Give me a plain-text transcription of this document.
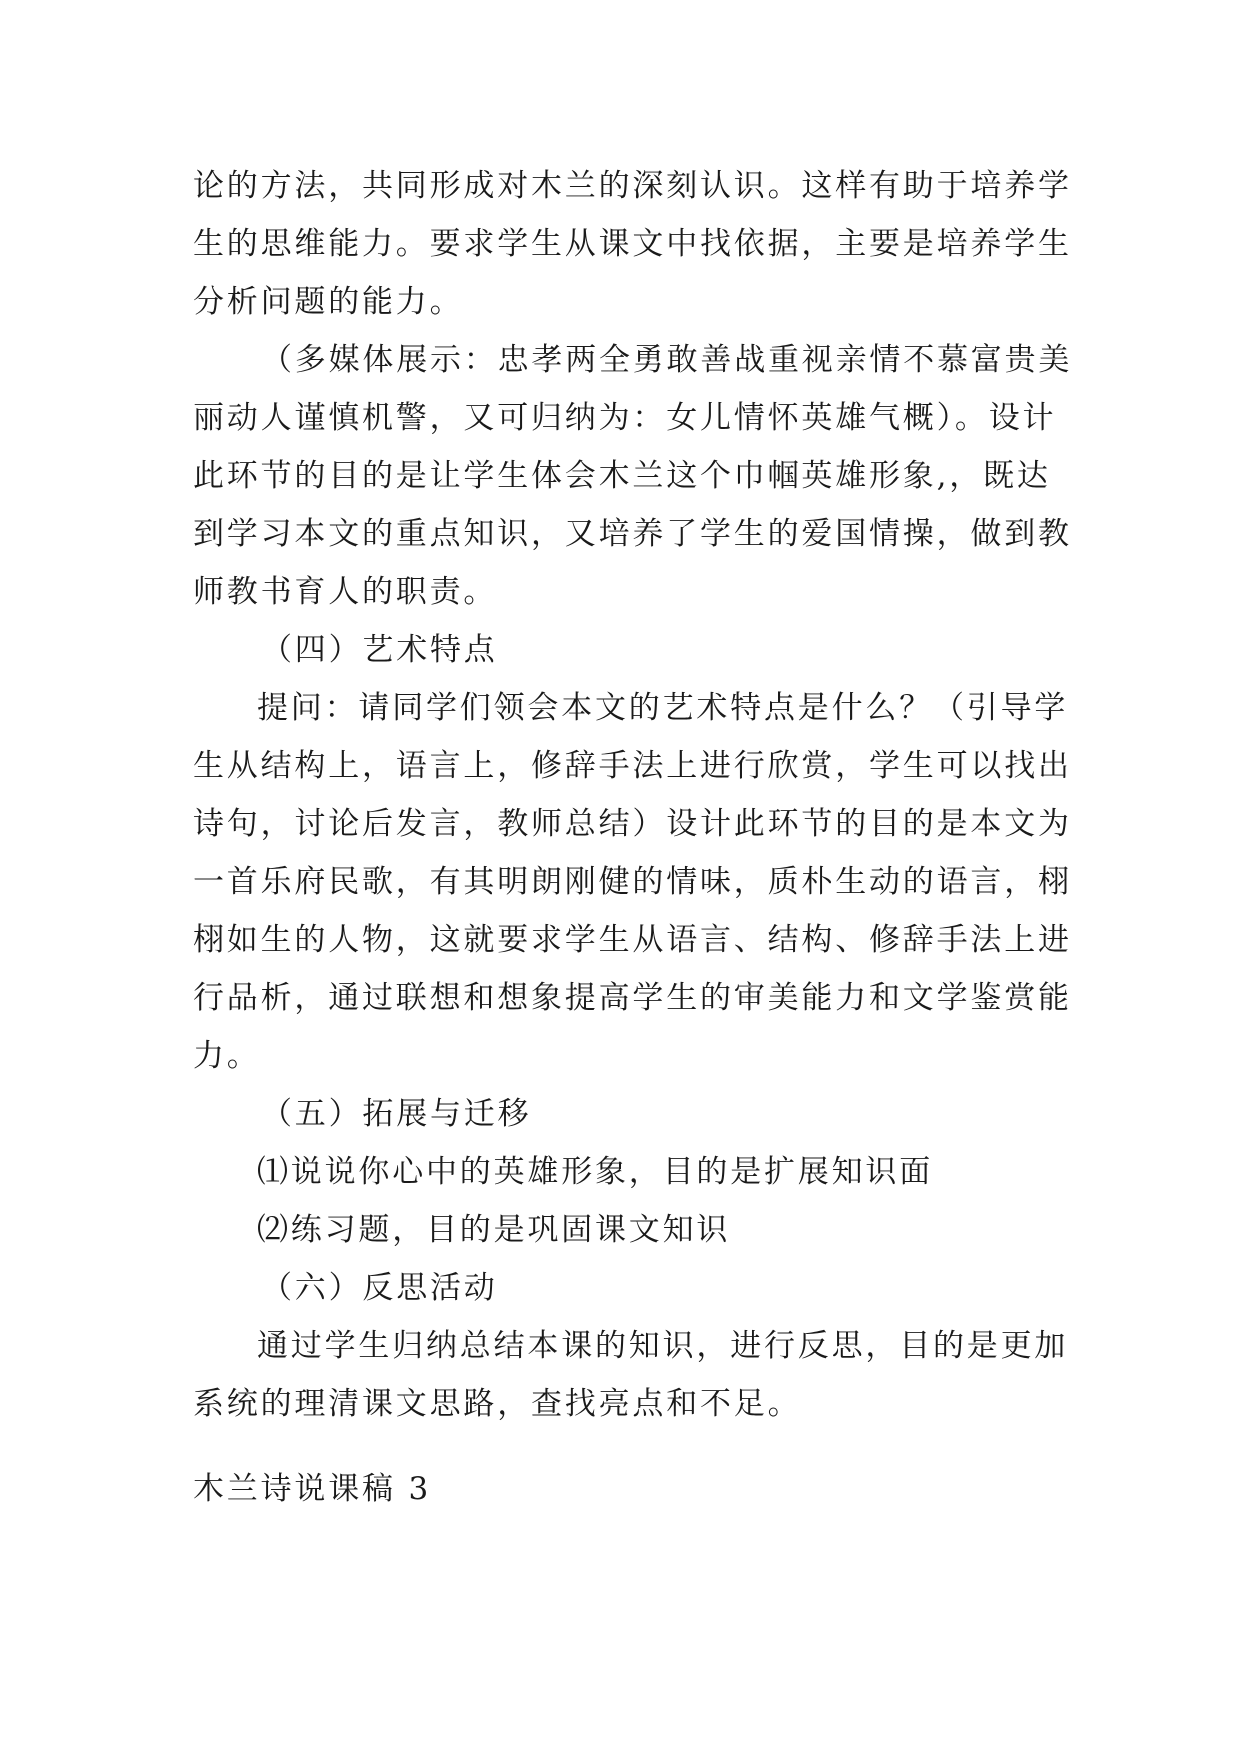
论的方法，共同形成对木兰的深刻认识。这样有助于培养学

生的思维能力。要求学生从课文中找依据，主要是培养学生

分析问题的能力。

（多媒体展示：忠孝两全勇敢善战重视亲情不慕富贵美

丽动人谨慎机警，又可归纳为：女儿情怀英雄气概）。设计

此环节的目的是让学生体会木兰这个巾帼英雄形象,，既达

到学习本文的重点知识，又培养了学生的爱国情操，做到教

师教书育人的职责。

（四）艺术特点

提问：请同学们领会本文的艺术特点是什么？（引导学

生从结构上，语言上，修辞手法上进行欣赏，学生可以找出

诗句，讨论后发言，教师总结）设计此环节的目的是本文为

一首乐府民歌，有其明朗刚健的情味，质朴生动的语言，栩

栩如生的人物，这就要求学生从语言、结构、修辞手法上进

行品析，通过联想和想象提高学生的审美能力和文学鉴赏能

力。

（五）拓展与迁移

⑴说说你心中的英雄形象，目的是扩展知识面

⑵练习题，目的是巩固课文知识

（六）反思活动

通过学生归纳总结本课的知识，进行反思，目的是更加

系统的理清课文思路，查找亮点和不足。

木兰诗说课稿 3
